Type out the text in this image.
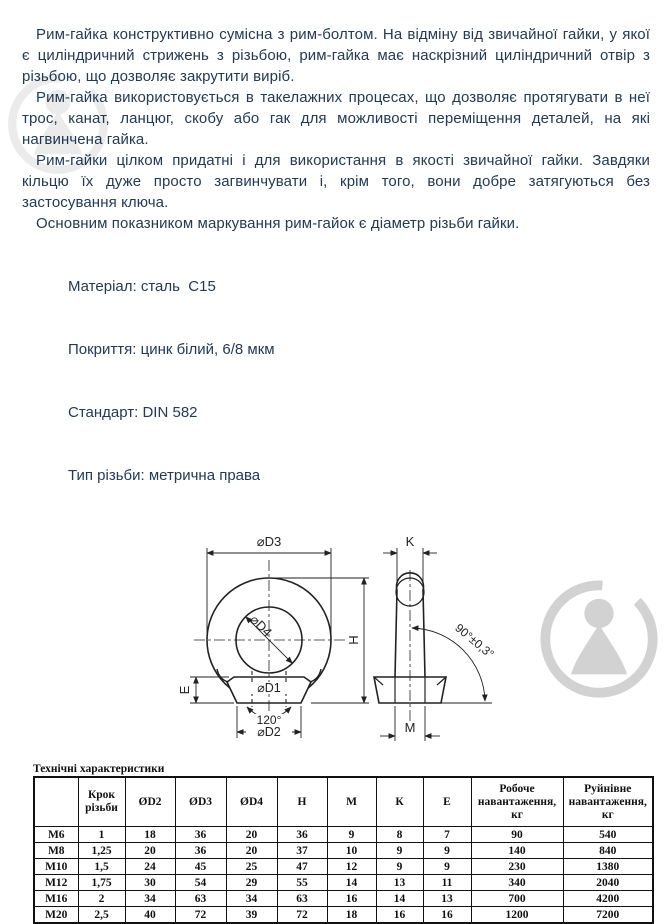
Рим-гайка конструктивно сумісна з рим-болтом. На відміну від звичайної гайки, у якої є циліндричний стрижень з різьбою, рим-гайка має наскрізний циліндричний отвір з різьбою, що дозволяє закрутити виріб.

Рим-гайка використовується в такелажних процесах, що дозволяє протягувати в неї трос, канат, ланцюг, скобу або гак для можливості переміщення деталей, на які нагвинчена гайка.

Рим-гайки цілком придатні і для використання в якості звичайної гайки. Завдяки кільцю їх дуже просто загвинчувати і, крім того, вони добре затягуються без застосування ключа.

Основним показником маркування рим-гайок є діаметр різьби гайки.

Матеріал: сталь  С15

Покриття: цинк білий, 6/8 мкм

Стандарт: DIN 582

Тип різьби: метрична права

⌀D3	K
⌀D4
⌀D1
120°
⌀D2
E
H
M
90°±0,3°
Технічні характеристики
	Крок різьби	ØD2	ØD3	ØD4	Н	М	К	Е	Робоче навантаження, кг	Руйнівне навантаження, кг
M6	1	18	36	20	36	9	8	7	90	540
M8	1,25	20	36	20	37	10	9	9	140	840
M10	1,5	24	45	25	47	12	9	9	230	1380
M12	1,75	30	54	29	55	14	13	11	340	2040
M16	2	34	63	34	63	16	14	13	700	4200
M20	2,5	40	72	39	72	18	16	16	1200	7200
